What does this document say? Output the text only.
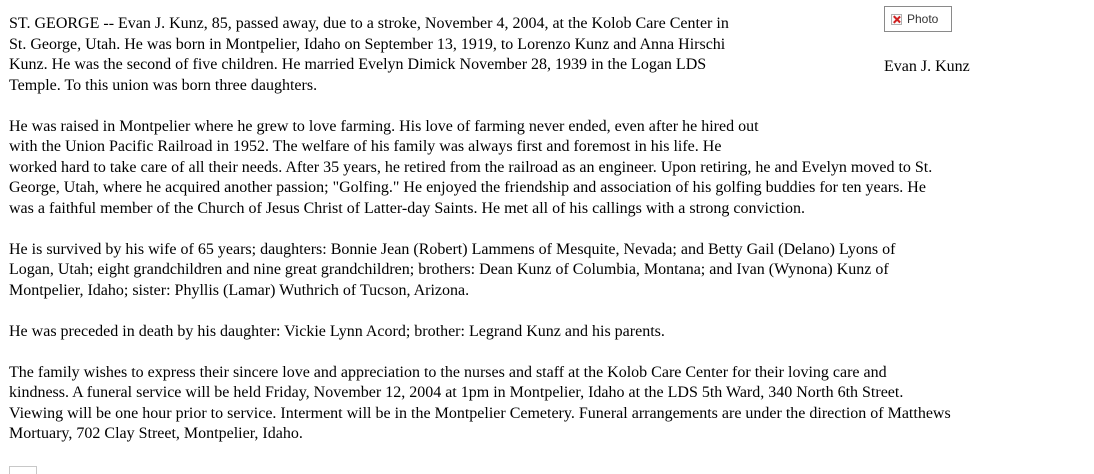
Photo
Evan J. Kunz

ST. GEORGE -- Evan J. Kunz, 85, passed away, due to a stroke, November 4, 2004, at the Kolob Care Center in
St. George, Utah. He was born in Montpelier, Idaho on September 13, 1919, to Lorenzo Kunz and Anna Hirschi
Kunz. He was the second of five children. He married Evelyn Dimick November 28, 1939 in the Logan LDS
Temple. To this union was born three daughters.

He was raised in Montpelier where he grew to love farming. His love of farming never ended, even after he hired out
with the Union Pacific Railroad in 1952. The welfare of his family was always first and foremost in his life. He
worked hard to take care of all their needs. After 35 years, he retired from the railroad as an engineer. Upon retiring, he and Evelyn moved to St.
George, Utah, where he acquired another passion; "Golfing." He enjoyed the friendship and association of his golfing buddies for ten years. He
was a faithful member of the Church of Jesus Christ of Latter-day Saints. He met all of his callings with a strong conviction.

He is survived by his wife of 65 years; daughters: Bonnie Jean (Robert) Lammens of Mesquite, Nevada; and Betty Gail (Delano) Lyons of
Logan, Utah; eight grandchildren and nine great grandchildren; brothers: Dean Kunz of Columbia, Montana; and Ivan (Wynona) Kunz of
Montpelier, Idaho; sister: Phyllis (Lamar) Wuthrich of Tucson, Arizona.

He was preceded in death by his daughter: Vickie Lynn Acord; brother: Legrand Kunz and his parents.

The family wishes to express their sincere love and appreciation to the nurses and staff at the Kolob Care Center for their loving care and
kindness. A funeral service will be held Friday, November 12, 2004 at 1pm in Montpelier, Idaho at the LDS 5th Ward, 340 North 6th Street.
Viewing will be one hour prior to service. Interment will be in the Montpelier Cemetery. Funeral arrangements are under the direction of Matthews
Mortuary, 702 Clay Street, Montpelier, Idaho.
